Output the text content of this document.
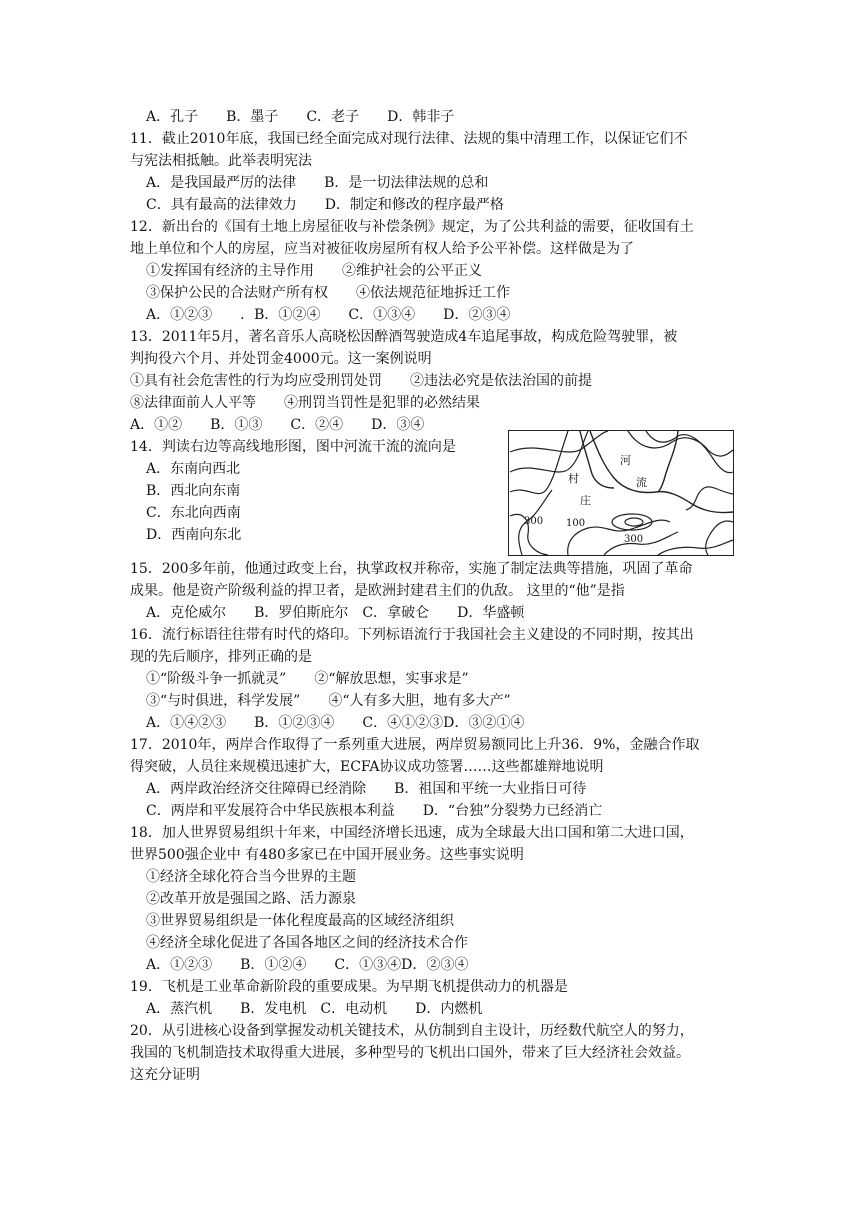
A．孔子　　B．墨子　　C．老子　　D．韩非子
11．截止2010年底，我国已经全面完成对现行法律、法规的集中清理工作，以保证它们不
与宪法相抵触。此举表明宪法
A．是我国最严厉的法律　　B．是一切法律法规的总和
C．具有最高的法律效力　　D．制定和修改的程序最严格
12．新出台的《国有土地上房屋征收与补偿条例》规定，为了公共利益的需要，征收国有土
地上单位和个人的房屋，应当对被征收房屋所有权人给予公平补偿。这样做是为了
①发挥国有经济的主导作用　　②维护社会的公平正义
③保护公民的合法财产所有权　　④依法规范征地拆迁工作
A．①②③　　．B．①②④　　C．①③④　　D．②③④
13．2011年5月，著名音乐人高晓松因醉酒驾驶造成4车追尾事故，构成危险驾驶罪，被
判拘役六个月、并处罚金4000元。这一案例说明
①具有社会危害性的行为均应受刑罚处罚　　②违法必究是依法治国的前提
⑧法律面前人人平等　　④刑罚当罚性是犯罪的必然结果
A．①②　　B．①③　　C．②④　　D．③④
14．判读右边等高线地形图，图中河流干流的流向是
A．东南向西北
B．西北向东南
C．东北向西南
D．西南向东北
15．200多年前，他通过政变上台，执掌政权并称帝，实施了制定法典等措施，巩固了革命
成果。他是资产阶级利益的捍卫者，是欧洲封建君主们的仇敌。 这里的“他”是指
A．克伦威尔　　B．罗伯斯庇尔　C．拿破仑　　D．华盛顿
16．流行标语往往带有时代的烙印。下列标语流行于我国社会主义建设的不同时期，按其出
现的先后顺序，排列正确的是
①“阶级斗争一抓就灵”　　②“解放思想，实事求是”
③“与时俱进，科学发展”　　④“人有多大胆，地有多大产”
A．①④②③　　B．①②③④　　C．④①②③D．③②①④
17．2010年，两岸合作取得了一系列重大进展，两岸贸易额同比上升36．9%，金融合作取
得突破，人员往来规模迅速扩大，ECFA协议成功签署……这些都雄辩地说明
A．两岸政治经济交往障碍已经消除　　B．祖国和平统一大业指日可待
C．两岸和平发展符合中华民族根本利益　　D．“台独”分裂势力已经消亡
18．加人世界贸易组织十年来，中国经济增长迅速，成为全球最大出口国和第二大进口国，
世界500强企业中 有480多家已在中国开展业务。这些事实说明
①经济全球化符合当今世界的主题
②改革开放是强国之路、活力源泉
③世界贸易组织是一体化程度最高的区域经济组织
④经济全球化促进了各国各地区之间的经济技术合作
A．①②③　　B．①②④　　C．①③④D．②③④
19．飞机是工业革命新阶段的重要成果。为早期飞机提供动力的机器是
A．蒸汽机　　B．发电机　C．电动机　　D．内燃机
20．从引进核心设备到掌握发动机关键技术，从仿制到自主设计，历经数代航空人的努力，
我国的飞机制造技术取得重大进展，多种型号的飞机出口国外，带来了巨大经济社会效益。
这充分证明
村
庄
河
流
300 100
300
